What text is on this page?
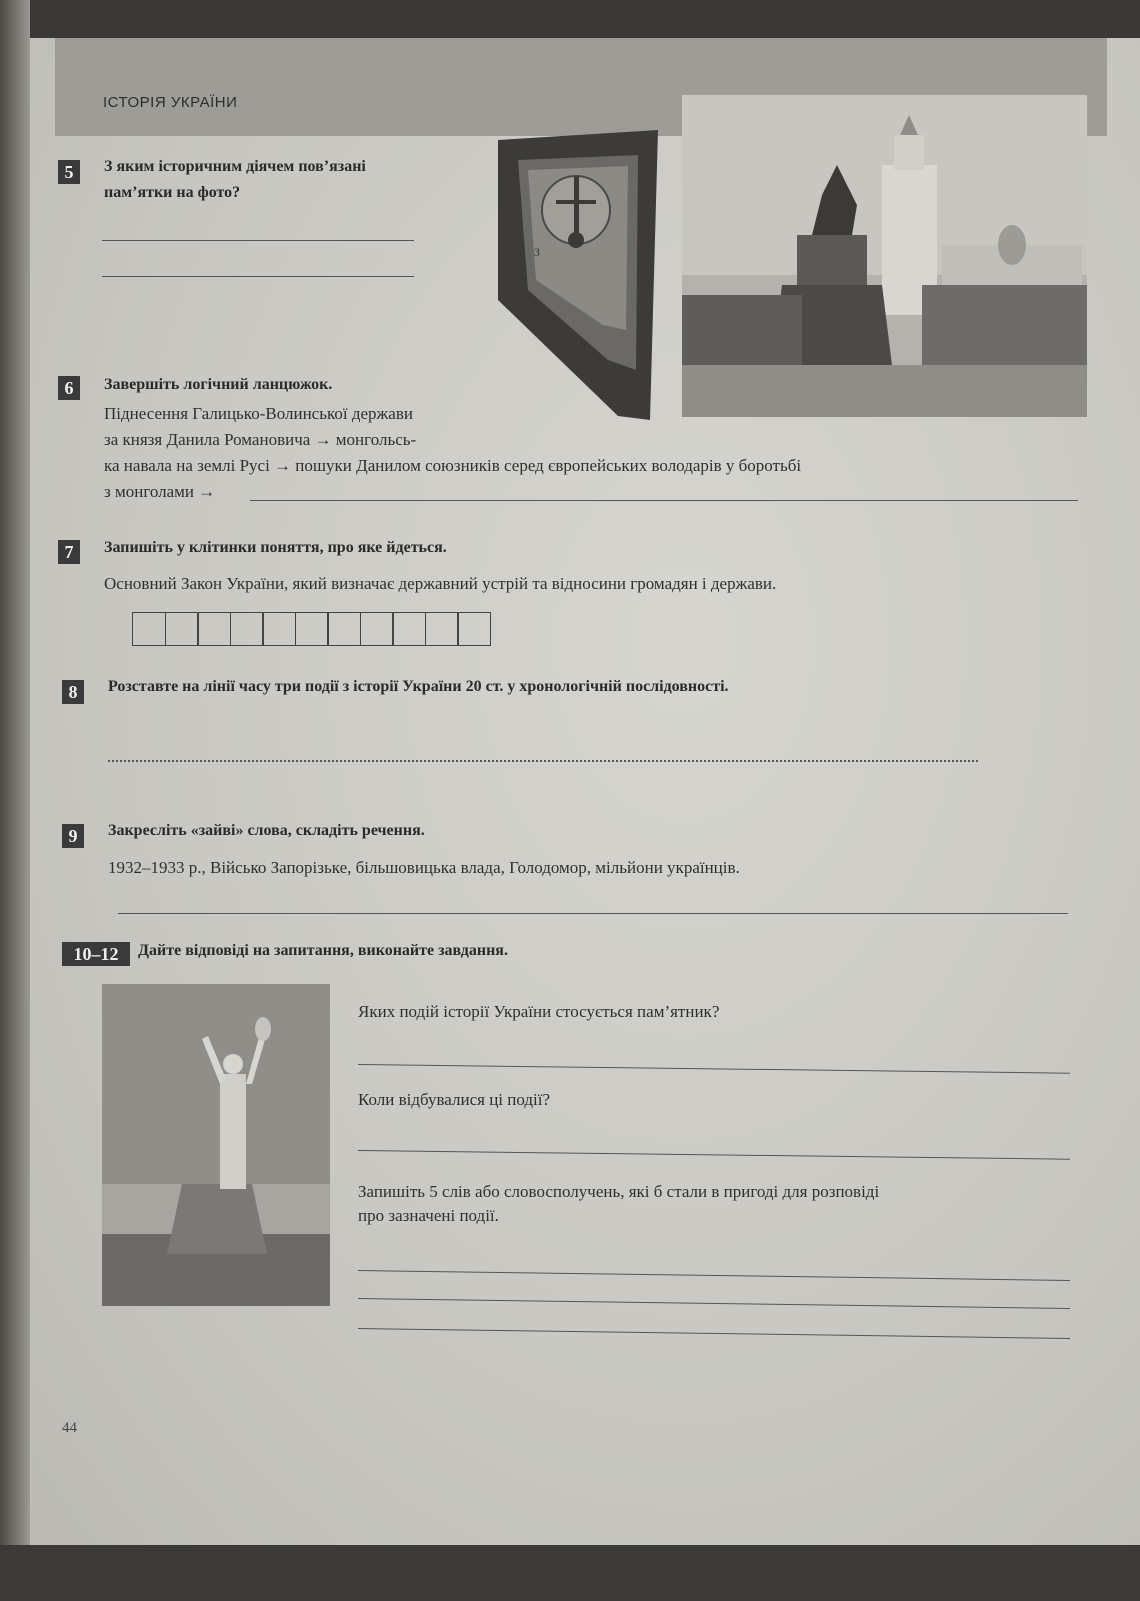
ІСТОРІЯ УКРАЇНИ
5	З яким історичним діячем пов’язані
пам’ятки на фото?
З
6	Завершіть логічний ланцюжок.
Піднесення Галицько-Волинської держави
за князя Данила Романовича → монгольсь-
ка навала на землі Русі → пошуки Данилом союзників серед європейських володарів у боротьбі
з монголами →
7	Запишіть у клітинки поняття, про яке йдеться.
Основний Закон України, який визначає державний устрій та відносини громадян і держави.
8	Розставте на лінії часу три події з історії України 20 ст. у хронологічній послідовності.
9	Закресліть «зайві» слова, складіть речення.
1932–1933 р., Військо Запорізьке, більшовицька влада, Голодомор, мільйони українців.
10–12	Дайте відповіді на запитання, виконайте завдання.
Яких подій історії України стосується пам’ятник?
Коли відбувалися ці події?
Запишіть 5 слів або словосполучень, які б стали в пригоді для розповіді
про зазначені події.
44
